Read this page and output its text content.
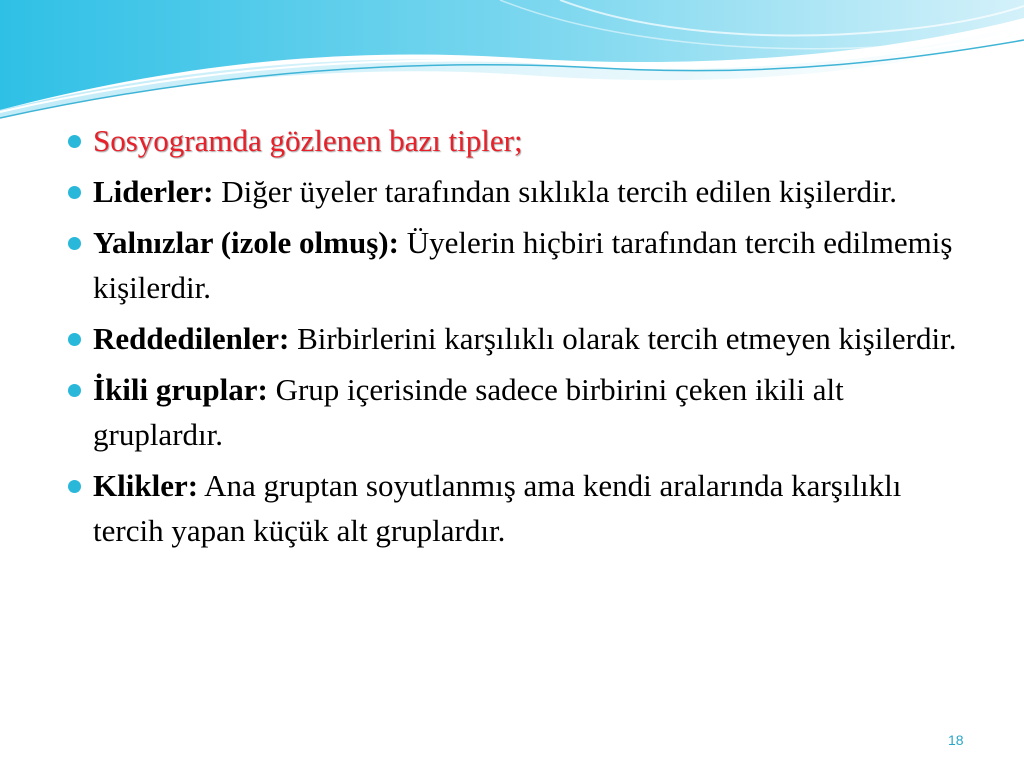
Sosyogramda gözlenen bazı tipler;
Liderler: Diğer üyeler tarafından sıklıkla tercih edilen kişilerdir.
Yalnızlar (izole olmuş): Üyelerin hiçbiri tarafından tercih edilmemiş kişilerdir.
Reddedilenler: Birbirlerini karşılıklı olarak tercih etmeyen kişilerdir.
İkili gruplar: Grup içerisinde sadece birbirini çeken ikili alt gruplardır.
Klikler: Ana gruptan soyutlanmış ama kendi aralarında karşılıklı tercih yapan küçük alt gruplardır.
18
